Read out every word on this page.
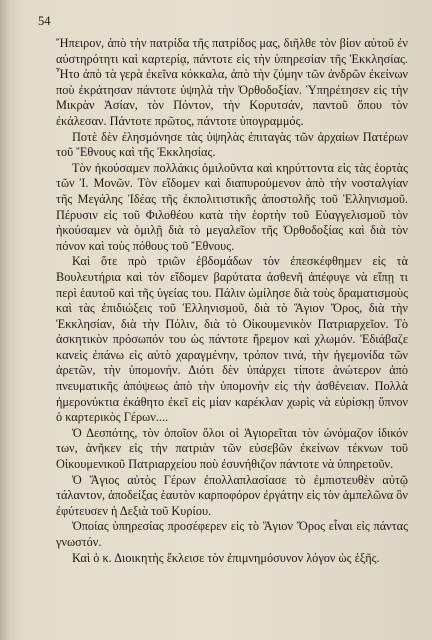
54

Ἤπειρον, ἀπὸ τὴν πατρίδα τῆς πατρίδος μας, διῆλθε τὸν βίον αὐτοῦ ἐν αὐστηρότητι καὶ καρτερίᾳ, πάντοτε εἰς τὴν ὑπηρεσίαν τῆς Ἐκκλησίας. Ἦτο ἀπὸ τὰ γερὰ ἐκεῖνα κόκκαλα, ἀπὸ τὴν ζύμην τῶν ἀνδρῶν ἐκείνων ποὺ ἐκράτησαν πάντοτε ὑψηλὰ τὴν Ὀρθοδοξίαν. Ὑπηρέτησεν εἰς τὴν Μικρὰν Ἀσίαν, τὸν Πόντον, τὴν Κορυτσάν, παντοῦ ὅπου τὸν ἐκάλεσαν. Πάντοτε πρῶτος, πάντοτε ὑπογραμμός.

Ποτὲ δὲν ἐλησμόνησε τὰς ὑψηλὰς ἐπιταγὰς τῶν ἀρχαίων Πατέρων τοῦ Ἔθνους καὶ τῆς Ἐκκλησίας.

Τὸν ἠκούσαμεν πολλάκις ὁμιλοῦντα καὶ κηρύττοντα εἰς τὰς ἑορτὰς τῶν Ἰ. Μονῶν. Τὸν εἴδομεν καὶ διαπυρούμενον ἀπὸ τὴν νοσταλγίαν τῆς Μεγάλης Ἰδέας τῆς ἐκπολιτιστικῆς ἀποστολῆς τοῦ Ἑλληνισμοῦ. Πέρυσιν εἰς τοῦ Φιλοθέου κατὰ τὴν ἑορτὴν τοῦ Εὐαγγελισμοῦ τὸν ἠκούσαμεν νὰ ὁμιλῇ διὰ τὸ μεγαλεῖον τῆς Ὀρθοδοξίας καὶ διὰ τὸν πόνον καὶ τοὺς πόθους τοῦ Ἔθνους.

Καὶ ὅτε πρὸ τριῶν ἑβδομάδων τὸν ἐπεσκέφθημεν εἰς τὰ Βουλευτήρια καὶ τὸν εἴδομεν βαρύτατα ἀσθενῆ ἀπέφυγε νὰ εἴπῃ τι περὶ ἑαυτοῦ καὶ τῆς ὑγείας του. Πάλιν ὡμίλησε διὰ τοὺς δραματισμοὺς καὶ τὰς ἐπιδιώξεις τοῦ Ἑλληνισμοῦ, διὰ τὸ Ἅγιον Ὄρος, διὰ τὴν Ἐκκλησίαν, διὰ τὴν Πόλιν, διὰ τὸ Οἰκουμενικὸν Πατριαρχεῖον. Τὸ ἀσκητικὸν πρόσωπόν του ὡς πάντοτε ἤρεμον καὶ χλωμόν. Ἐδιάβαζε κανεὶς ἐπάνω εἰς αὐτὸ χαραγμένην, τρόπον τινά, τὴν ἡγεμονίδα τῶν ἀρετῶν, τὴν ὑπομονήν. Διότι δὲν ὑπάρχει τίποτε ἀνώτερον ἀπὸ πνευματικῆς ἀπόψεως ἀπὸ τὴν ὑπομονὴν εἰς τὴν ἀσθένειαν. Πολλὰ ἠμερονύκτια ἐκάθητο ἐκεῖ εἰς μίαν καρέκλαν χωρὶς νὰ εὑρίσκῃ ὕπνον ὁ καρτερικὸς Γέρων....

Ὁ Δεσπότης, τὸν ὁποῖον ὅλοι οἱ Ἁγιορεῖται τὸν ὠνόμαζον ἰδικόν των, ἀνῆκεν εἰς τὴν πατριὰν τῶν εὐσεβῶν ἐκείνων τέκνων τοῦ Οἰκουμενικοῦ Πατριαρχείου ποὺ ἐσυνήθιζον πάντοτε νὰ ὑπηρετοῦν.

Ὁ Ἅγιος αὐτὸς Γέρων ἐπολλαπλασίασε τὸ ἐμπιστευθὲν αὐτῷ τάλαντον, ἀποδείξας ἑαυτὸν καρποφόρον ἐργάτην εἰς τὸν ἀμπελῶνα ὃν ἐφύτευσεν ἡ Δεξιὰ τοῦ Κυρίου.

Ὁποίας ὑπηρεσίας προσέφερεν εἰς τὸ Ἅγιον Ὄρος εἶναι εἰς πάντας γνωστόν.

Καὶ ὁ κ. Διοικητὴς ἔκλεισε τὸν ἐπιμνημόσυνον λόγον ὡς ἑξῆς.
